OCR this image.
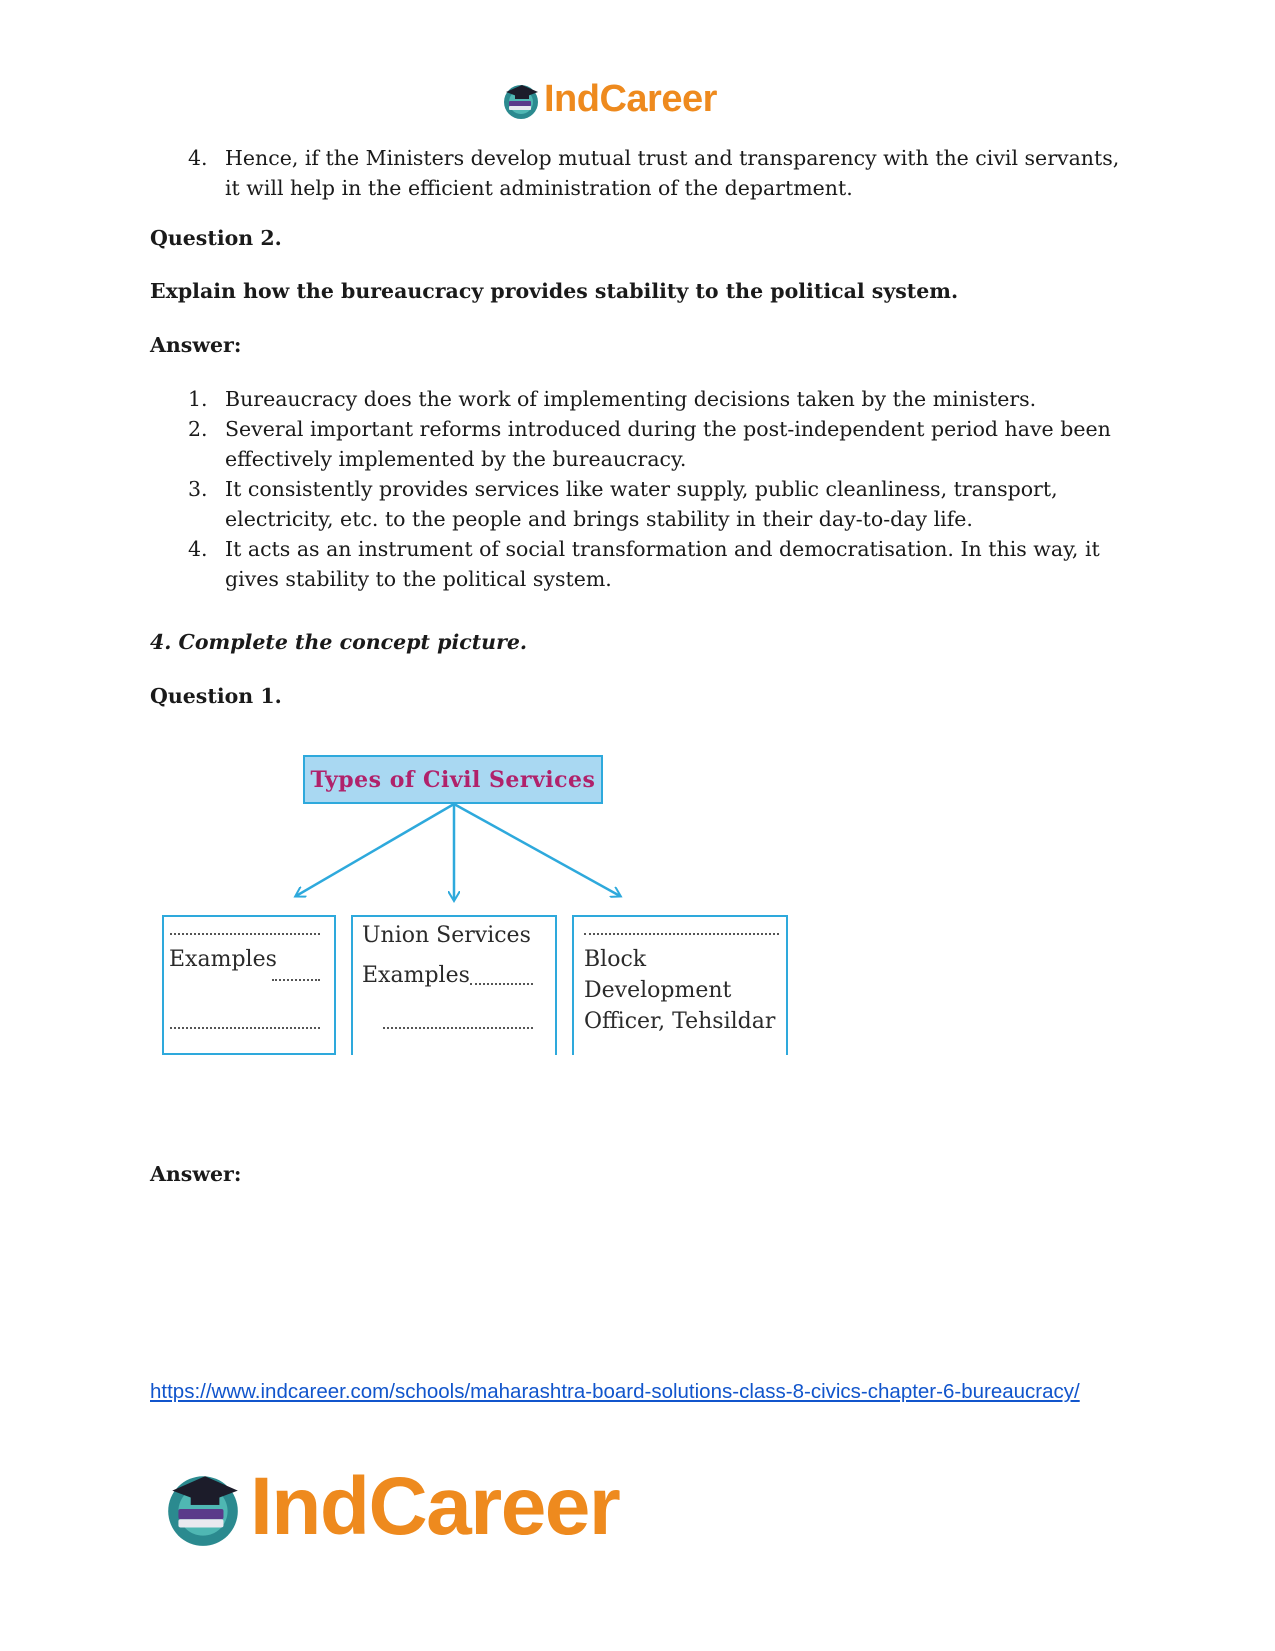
IndCareer
4. Hence, if the Ministers develop mutual trust and transparency with the civil servants, it will help in the efficient administration of the department.
Question 2.
Explain how the bureaucracy provides stability to the political system.
Answer:
1. Bureaucracy does the work of implementing decisions taken by the ministers.
2. Several important reforms introduced during the post-independent period have been effectively implemented by the bureaucracy.
3. It consistently provides services like water supply, public cleanliness, transport, electricity, etc. to the people and brings stability in their day-to-day life.
4. It acts as an instrument of social transformation and democratisation. In this way, it gives stability to the political system.
4. Complete the concept picture.
Question 1.
Types of Civil Services
Examples
Union Services
Examples
Block
Development
Officer, Tehsildar
Answer:
https://www.indcareer.com/schools/maharashtra-board-solutions-class-8-civics-chapter-6-bureaucracy/
IndCareer
